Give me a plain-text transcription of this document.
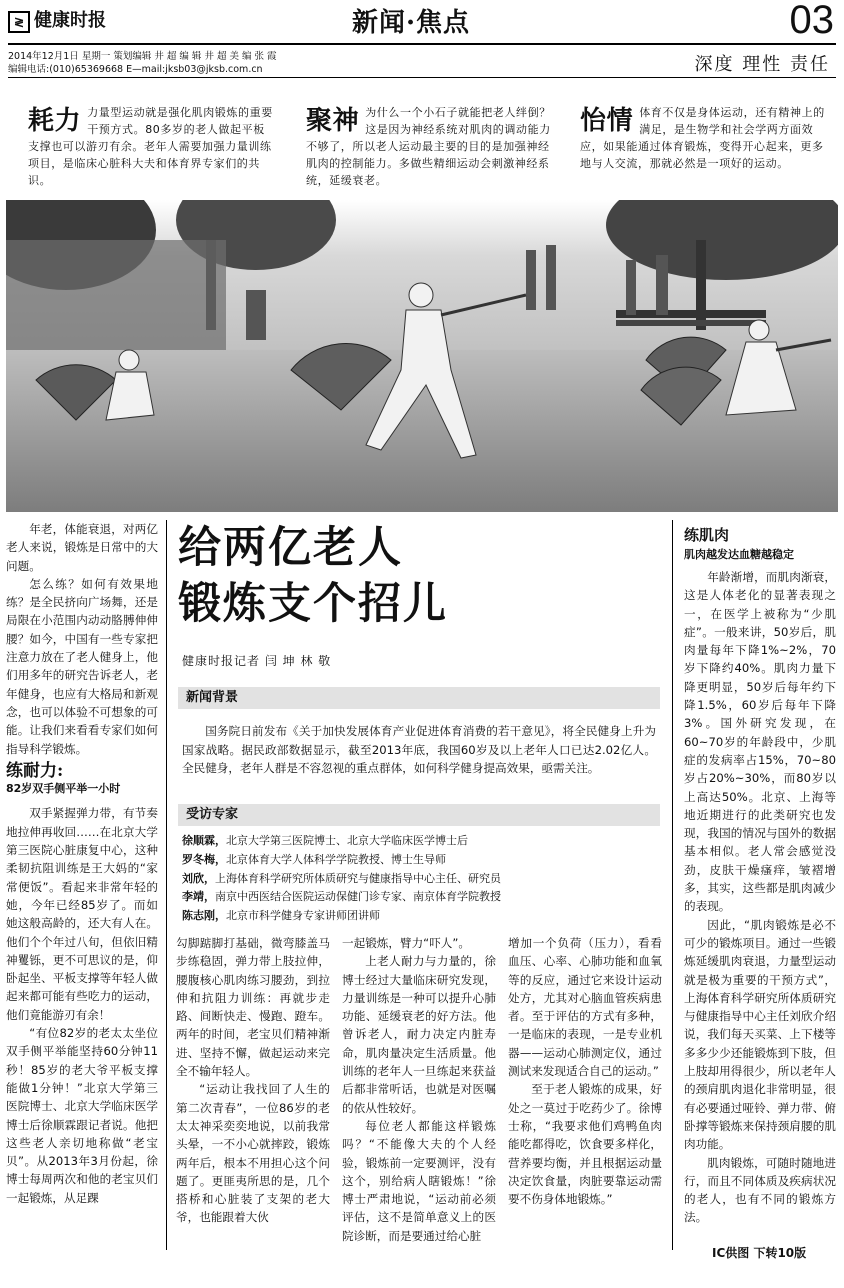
≷ 健康时报	新闻·焦点	03
2014年12月1日 星期一 策划编辑 井 超 编 辑 井 超 美 编 张 霞
编辑电话:(010)65369668 E—mail:jksb03@jksb.com.cn	深度 理性 责任
耗力 力量型运动就是强化肌肉锻炼的重要干预方式。80多岁的老人做起平板支撑也可以游刃有余。老年人需要加强力量训练项目，是临床心脏科大夫和体育界专家们的共识。
聚神 为什么一个小石子就能把老人绊倒？这是因为神经系统对肌肉的调动能力不够了，所以老人运动最主要的目的是加强神经肌肉的控制能力。多做些精细运动会刺激神经系统，延缓衰老。
怡情 体育不仅是身体运动，还有精神上的满足，是生物学和社会学两方面效应，如果能通过体育锻炼，变得开心起来，更多地与人交流，那就必然是一项好的运动。

年老，体能衰退，对两亿老人来说，锻炼是日常中的大问题。

怎么练？如何有效果地练？是全民挤向广场舞，还是局限在小范围内动动胳膊伸伸腰？如今，中国有一些专家把注意力放在了老人健身上，他们用多年的研究告诉老人，老年健身，也应有大格局和新观念，也可以体验不可想象的可能。让我们来看看专家们如何指导科学锻炼。

练耐力:
82岁双手侧平举一小时

双手紧握弹力带，有节奏地拉伸再收回……在北京大学第三医院心脏康复中心，这种柔韧抗阻训练是王大妈的“家常便饭”。看起来非常年轻的她，今年已经85岁了。而如她这般高龄的，还大有人在。他们个个年过八旬，但依旧精神矍铄，更不可思议的是，仰卧起坐、平板支撑等年轻人做起来都可能有些吃力的运动，他们竟能游刃有余！

“有位82岁的老太太坐位双手侧平举能坚持60分钟11秒！85岁的老大爷平板支撑能做1分钟！”北京大学第三医院博士、北京大学临床医学博士后徐顺霖跟记者说。他把这些老人亲切地称做“老宝贝”。从2013年3月份起，徐博士每周两次和他的老宝贝们一起锻炼，从足踝

给两亿老人
锻炼支个招儿
健康时报记者 闫 坤 林 敬
新闻背景
国务院日前发布《关于加快发展体育产业促进体育消费的若干意见》，将全民健身上升为国家战略。据民政部数据显示，截至2013年底，我国60岁及以上老年人口已达2.02亿人。全民健身，老年人群是不容忽视的重点群体，如何科学健身提高效果，亟需关注。
受访专家
徐顺霖，北京大学第三医院博士、北京大学临床医学博士后
罗冬梅，北京体育大学人体科学学院教授、博士生导师
刘欣，上海体育科学研究所体质研究与健康指导中心主任、研究员
李靖，南京中西医结合医院运动保健门诊专家、南京体育学院教授
陈志刚，北京市科学健身专家讲师团讲师

勾脚踮脚打基础，微弯膝盖马步练稳固，弹力带上肢拉伸，腰腹核心肌肉练习腰劲，到拉伸和抗阻力训练：再就步走路、间断快走、慢跑、蹬车。两年的时间，老宝贝们精神渐进、坚持不懈，做起运动来完全不输年轻人。

“运动让我找回了人生的第二次青春”，一位86岁的老太太神采奕奕地说，以前我常头晕，一不小心就摔跤，锻炼两年后，根本不用担心这个问题了。更匪夷所思的是，几个搭桥和心脏装了支架的老大爷，也能跟着大伙

一起锻炼，臂力“吓人”。

上老人耐力与力量的，徐博士经过大量临床研究发现，力量训练是一种可以提升心肺功能、延缓衰老的好方法。他曾诉老人，耐力决定内脏寿命，肌肉量决定生活质量。他训练的老年人一旦练起来获益后都非常听话，也就是对医嘱的依从性较好。

每位老人都能这样锻炼吗？“不能像大夫的个人经验，锻炼前一定要测评，没有这个，别给病人瞎锻炼！”徐博士严肃地说，“运动前必须评估，这不是简单意义上的医院诊断，而是要通过给心脏

增加一个负荷（压力），看看血压、心率、心肺功能和血氧等的反应，通过它来设计运动处方，尤其对心脑血管疾病患者。至于评估的方式有多种，一是临床的表现，一是专业机器——运动心肺测定仪，通过测试来发现适合自己的运动。”

至于老人锻炼的成果，好处之一莫过于吃药少了。徐博士称，“我要求他们鸡鸭鱼肉能吃都得吃，饮食要多样化，营养要均衡，并且根据运动量决定饮食量，肉脏要靠运动需要不伤身体地锻炼。”

练肌肉
肌肉越发达血糖越稳定

年龄渐增，而肌肉渐衰，这是人体老化的显著表现之一，在医学上被称为“少肌症”。一般来讲，50岁后，肌肉量每年下降1%~2%，70岁下降约40%。肌肉力量下降更明显，50岁后每年约下降1.5%，60岁后每年下降3%。国外研究发现，在60~70岁的年龄段中，少肌症的发病率占15%，70~80岁占20%~30%，而80岁以上高达50%。北京、上海等地近期进行的此类研究也发现，我国的情况与国外的数据基本相似。老人常会感觉没劲，皮肤干燥瘙痒，皱褶增多，其实，这些都是肌肉减少的表现。

因此，“肌肉锻炼是必不可少的锻炼项目。通过一些锻炼延缓肌肉衰退，力量型运动就是极为重要的干预方式”，上海体育科学研究所体质研究与健康指导中心主任刘欣介绍说，我们每天买菜、上下楼等多多少少还能锻炼到下肢，但上肢却用得很少，所以老年人的颈肩肌肉退化非常明显，很有必要通过哑铃、弹力带、俯卧撑等锻炼来保持颈肩腰的肌肉功能。

肌肉锻炼，可随时随地进行，而且不同体质及疾病状况的老人，也有不同的锻炼方法。

IC供图 下转10版
